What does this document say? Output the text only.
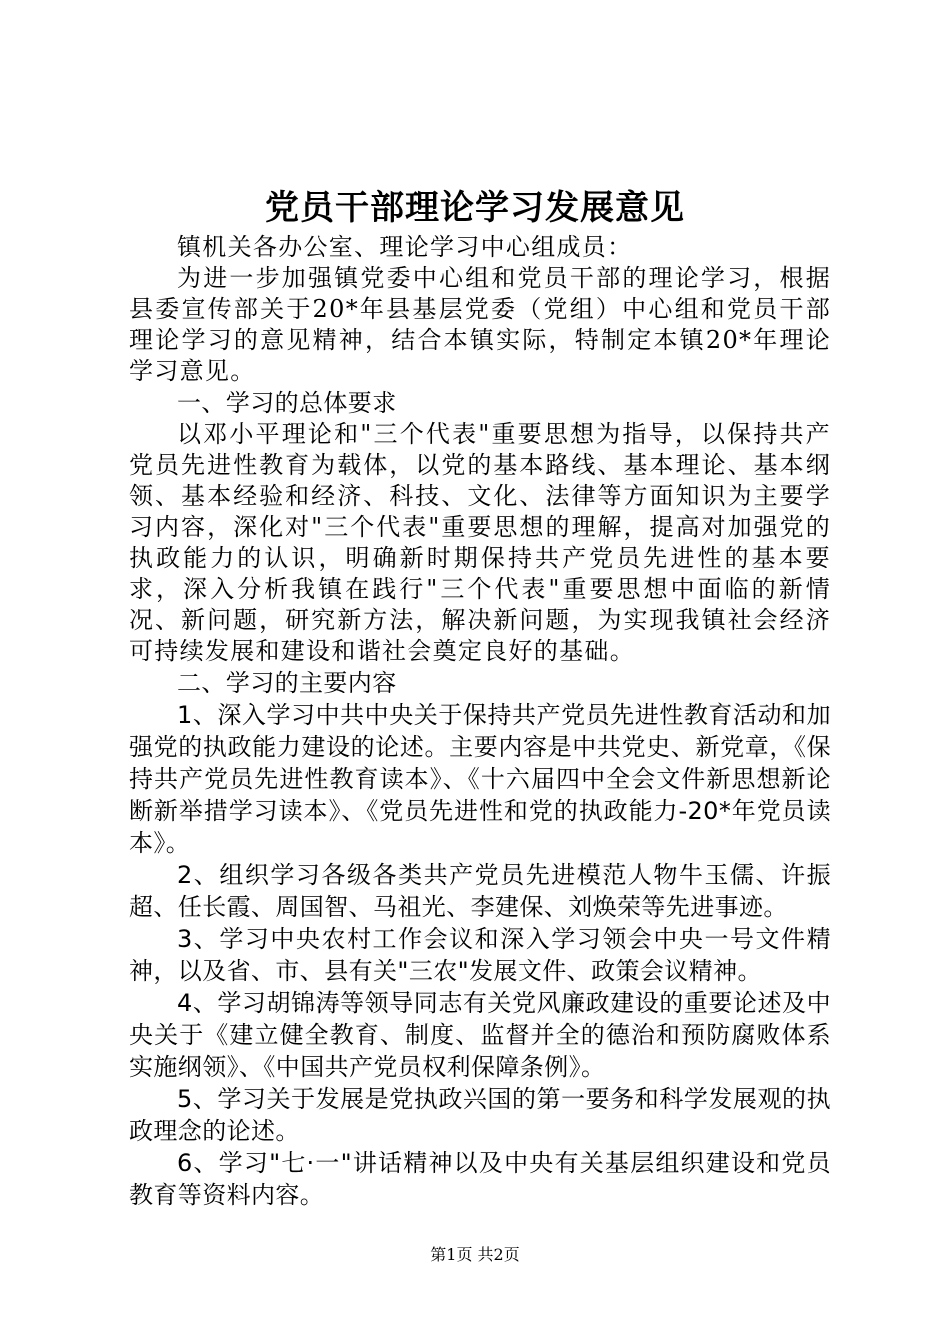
党员干部理论学习发展意见

镇机关各办公室、理论学习中心组成员：

为进一步加强镇党委中心组和党员干部的理论学习，根据县委宣传部关于20*年县基层党委（党组）中心组和党员干部理论学习的意见精神，结合本镇实际，特制定本镇20*年理论学习意见。

一、学习的总体要求

以邓小平理论和"三个代表"重要思想为指导，以保持共产党员先进性教育为载体，以党的基本路线、基本理论、基本纲领、基本经验和经济、科技、文化、法律等方面知识为主要学习内容，深化对"三个代表"重要思想的理解，提高对加强党的执政能力的认识，明确新时期保持共产党员先进性的基本要求，深入分析我镇在践行"三个代表"重要思想中面临的新情况、新问题，研究新方法，解决新问题，为实现我镇社会经济可持续发展和建设和谐社会奠定良好的基础。

二、学习的主要内容

1、深入学习中共中央关于保持共产党员先进性教育活动和加强党的执政能力建设的论述。主要内容是中共党史、新党章，《保持共产党员先进性教育读本》、《十六届四中全会文件新思想新论断新举措学习读本》、《党员先进性和党的执政能力-20*年党员读本》。

2、组织学习各级各类共产党员先进模范人物牛玉儒、许振超、任长霞、周国智、马祖光、李建保、刘焕荣等先进事迹。

3、学习中央农村工作会议和深入学习领会中央一号文件精神，以及省、市、县有关"三农"发展文件、政策会议精神。

4、学习胡锦涛等领导同志有关党风廉政建设的重要论述及中央关于《建立健全教育、制度、监督并全的德治和预防腐败体系实施纲领》、《中国共产党员权利保障条例》。

5、学习关于发展是党执政兴国的第一要务和科学发展观的执政理念的论述。

6、学习"七·一"讲话精神以及中央有关基层组织建设和党员教育等资料内容。

第1页 共2页
